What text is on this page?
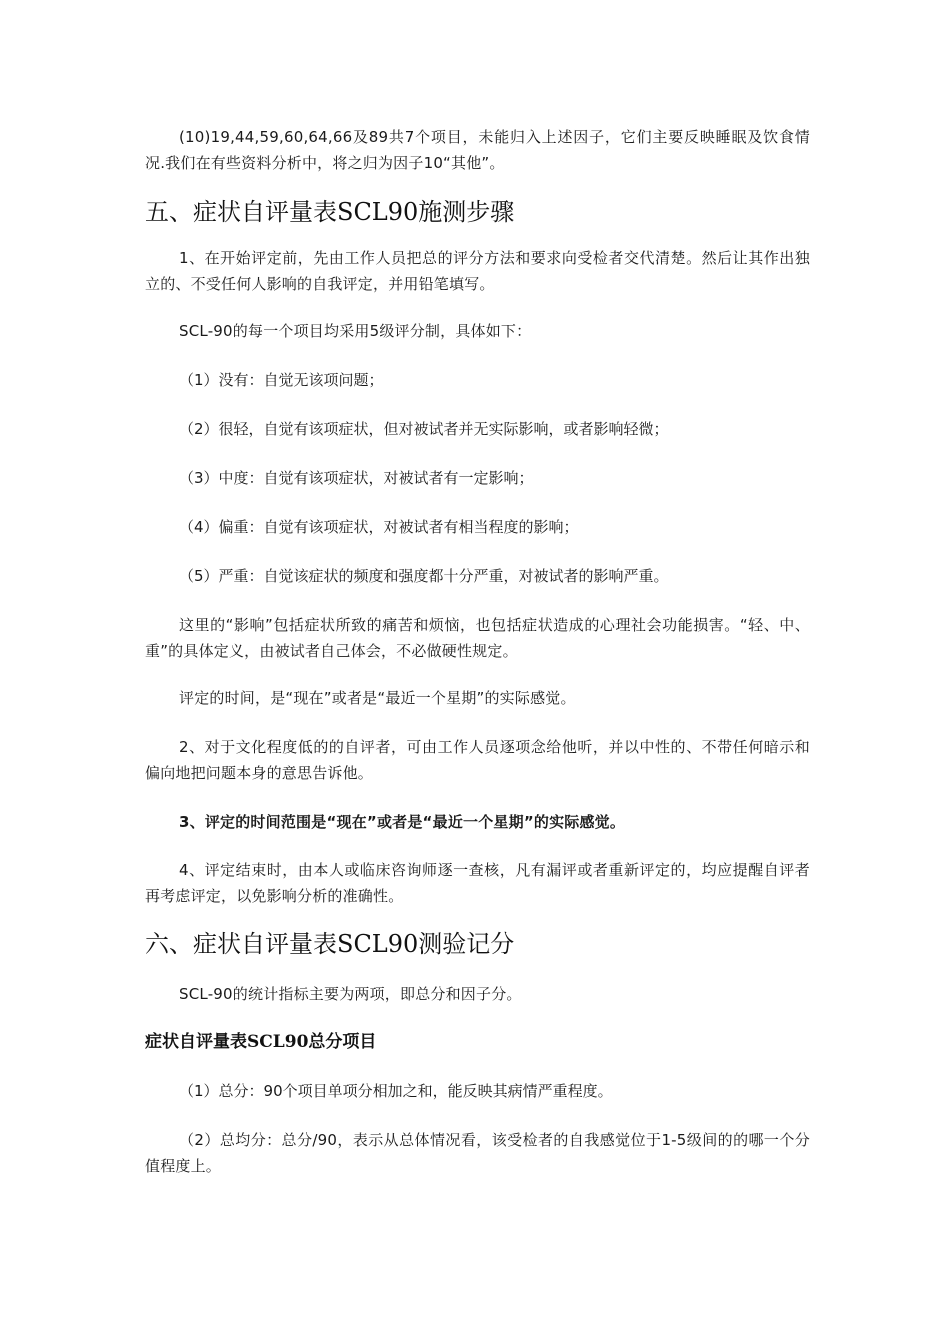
(10)19,44,59,60,64,66及89共7个项目，未能归入上述因子，它们主要反映睡眠及饮食情况.我们在有些资料分析中，将之归为因子10“其他”。

五、症状自评量表SCL90施测步骤

1、在开始评定前，先由工作人员把总的评分方法和要求向受检者交代清楚。然后让其作出独立的、不受任何人影响的自我评定，并用铅笔填写。

SCL-90的每一个项目均采用5级评分制，具体如下：

（1）没有：自觉无该项问题；

（2）很轻，自觉有该项症状，但对被试者并无实际影响，或者影响轻微；

（3）中度：自觉有该项症状，对被试者有一定影响；

（4）偏重：自觉有该项症状，对被试者有相当程度的影响；

（5）严重：自觉该症状的频度和强度都十分严重，对被试者的影响严重。

这里的“影响”包括症状所致的痛苦和烦恼，也包括症状造成的心理社会功能损害。“轻、中、重”的具体定义，由被试者自己体会，不必做硬性规定。

评定的时间，是“现在”或者是“最近一个星期”的实际感觉。

2、对于文化程度低的的自评者，可由工作人员逐项念给他听，并以中性的、不带任何暗示和偏向地把问题本身的意思告诉他。

3、评定的时间范围是“现在”或者是“最近一个星期”的实际感觉。

4、评定结束时，由本人或临床咨询师逐一查核，凡有漏评或者重新评定的，均应提醒自评者再考虑评定，以免影响分析的准确性。

六、症状自评量表SCL90测验记分

SCL-90的统计指标主要为两项，即总分和因子分。

症状自评量表SCL90总分项目

（1）总分：90个项目单项分相加之和，能反映其病情严重程度。

（2）总均分：总分/90，表示从总体情况看，该受检者的自我感觉位于1-5级间的的哪一个分值程度上。
